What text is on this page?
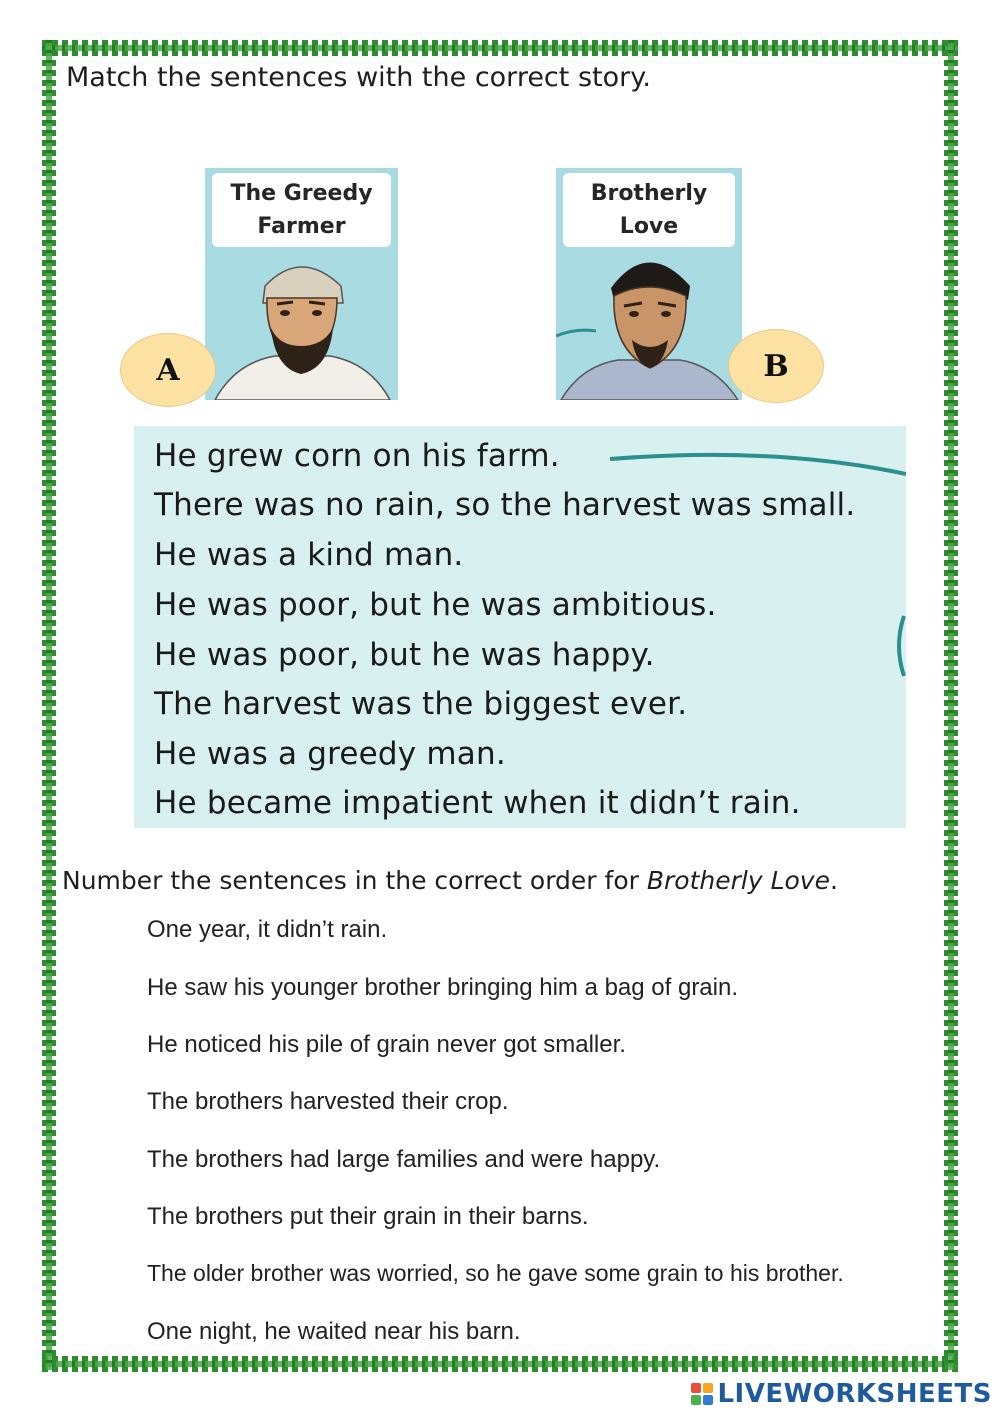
Match the sentences with the correct story.
The Greedy
Farmer
Brotherly
Love
A	B
He grew corn on his farm.
There was no rain, so the harvest was small.
He was a kind man.
He was poor, but he was ambitious.
He was poor, but he was happy.
The harvest was the biggest ever.
He was a greedy man.
He became impatient when it didn’t rain.
Number the sentences in the correct order for Brotherly Love.
One year, it didn’t rain.
He saw his younger brother bringing him a bag of grain.
He noticed his pile of grain never got smaller.
The brothers harvested their crop.
The brothers had large families and were happy.
The brothers put their grain in their barns.
The older brother was worried, so he gave some grain to his brother.
One night, he waited near his barn.
LIVEWORKSHEETS
